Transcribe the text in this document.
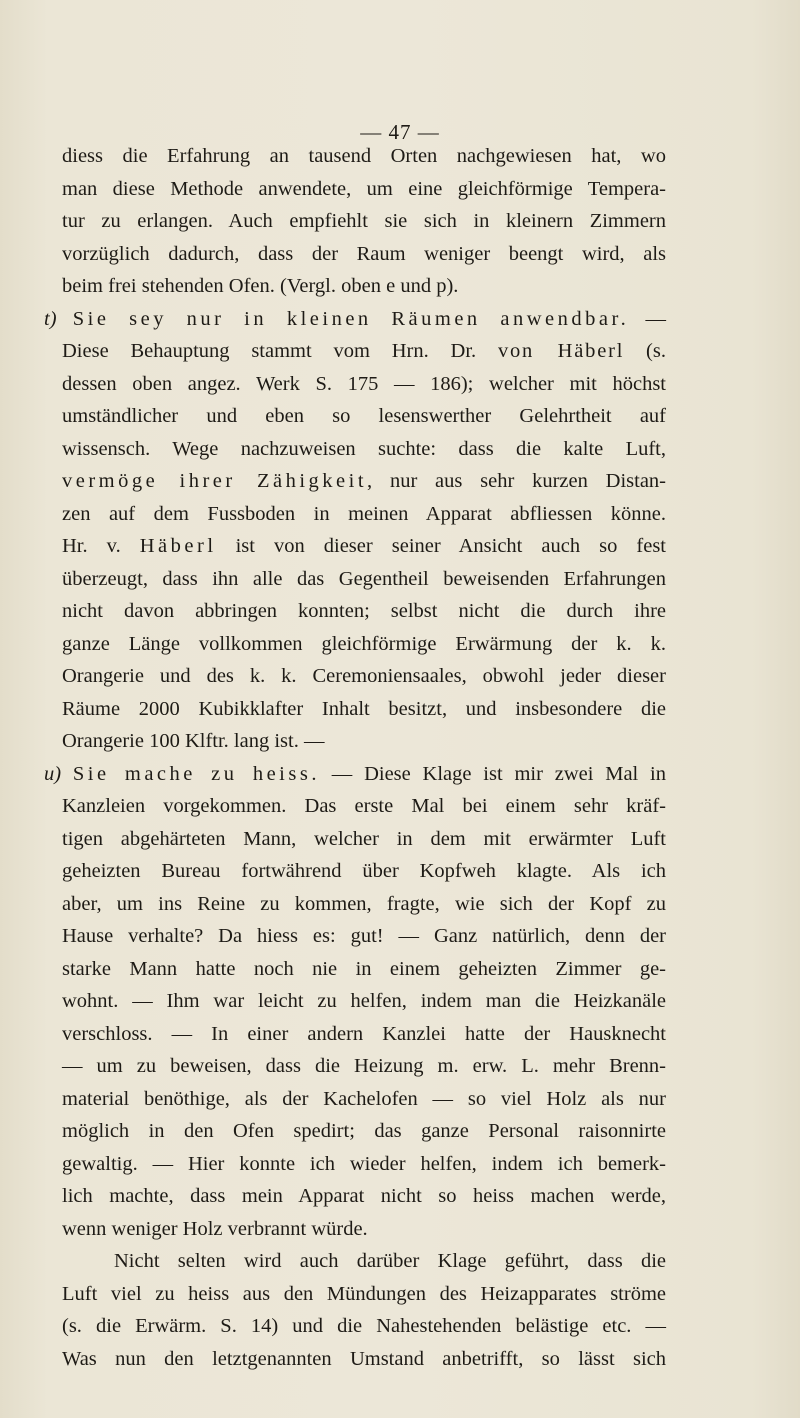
— 47 —
diess die Erfahrung an tausend Orten nachgewiesen hat, wo
man diese Methode anwendete, um eine gleichförmige Tempera-
tur zu erlangen. Auch empfiehlt sie sich in kleinern Zimmern
vorzüglich dadurch, dass der Raum weniger beengt wird, als
beim frei stehenden Ofen. (Vergl. oben e und p).
t) Sie sey nur in kleinen Räumen anwendbar. —
Diese Behauptung stammt vom Hrn. Dr. von Häberl (s.
dessen oben angez. Werk S. 175 — 186); welcher mit höchst
umständlicher und eben so lesenswerther Gelehrtheit auf
wissensch. Wege nachzuweisen suchte: dass die kalte Luft,
vermöge ihrer Zähigkeit, nur aus sehr kurzen Distan-
zen auf dem Fussboden in meinen Apparat abfliessen könne.
Hr. v. Häberl ist von dieser seiner Ansicht auch so fest
überzeugt, dass ihn alle das Gegentheil beweisenden Erfahrungen
nicht davon abbringen konnten; selbst nicht die durch ihre
ganze Länge vollkommen gleichförmige Erwärmung der k. k.
Orangerie und des k. k. Ceremoniensaales, obwohl jeder dieser
Räume 2000 Kubikklafter Inhalt besitzt, und insbesondere die
Orangerie 100 Klftr. lang ist. —
u) Sie mache zu heiss. — Diese Klage ist mir zwei Mal in
Kanzleien vorgekommen. Das erste Mal bei einem sehr kräf-
tigen abgehärteten Mann, welcher in dem mit erwärmter Luft
geheizten Bureau fortwährend über Kopfweh klagte. Als ich
aber, um ins Reine zu kommen, fragte, wie sich der Kopf zu
Hause verhalte? Da hiess es: gut! — Ganz natürlich, denn der
starke Mann hatte noch nie in einem geheizten Zimmer ge-
wohnt. — Ihm war leicht zu helfen, indem man die Heizkanäle
verschloss. — In einer andern Kanzlei hatte der Hausknecht
— um zu beweisen, dass die Heizung m. erw. L. mehr Brenn-
material benöthige, als der Kachelofen — so viel Holz als nur
möglich in den Ofen spedirt; das ganze Personal raisonnirte
gewaltig. — Hier konnte ich wieder helfen, indem ich bemerk-
lich machte, dass mein Apparat nicht so heiss machen werde,
wenn weniger Holz verbrannt würde.
Nicht selten wird auch darüber Klage geführt, dass die
Luft viel zu heiss aus den Mündungen des Heizapparates ströme
(s. die Erwärm. S. 14) und die Nahestehenden belästige etc. —
Was nun den letztgenannten Umstand anbetrifft, so lässt sich
